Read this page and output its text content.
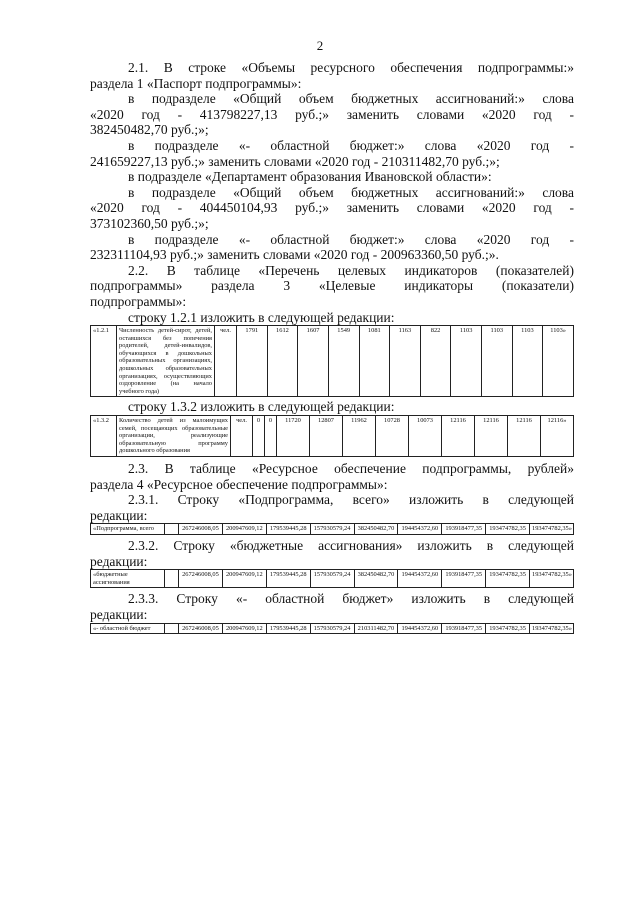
2

2.1. В строке «Объемы ресурсного обеспечения подпрограммы:»

раздела 1 «Паспорт подпрограммы»:

в подразделе «Общий объем бюджетных ассигнований:» слова

«2020 год - 413798227,13 руб.;» заменить словами «2020 год -

382450482,70 руб.;»;

в подразделе «- областной бюджет:» слова «2020 год -

241659227,13 руб.;» заменить словами «2020 год - 210311482,70 руб.;»;

в подразделе «Департамент образования Ивановской области»:

в подразделе «Общий объем бюджетных ассигнований:» слова

«2020 год - 404450104,93 руб.;» заменить словами «2020 год -

373102360,50 руб.;»;

в подразделе «- областной бюджет:» слова «2020 год -

232311104,93 руб.;» заменить словами «2020 год - 200963360,50 руб.;».

2.2. В таблице «Перечень целевых индикаторов (показателей)

подпрограммы» раздела 3 «Целевые индикаторы (показатели)

подпрограммы»:

строку 1.2.1 изложить в следующей редакции:

«1.2.1	Численность детей-сирот, детей, оставшихся без попечения родителей, детей-инвалидов, обучающихся в дошкольных образовательных организациях, дошкольных образовательных организациях, осуществляющих оздоровление (на начало учебного года)	чел.	1791	1612	1607	1549	1081	1163	822	1103	1103	1103	1103»

строку 1.3.2 изложить в следующей редакции:

«1.3.2	Количество детей из малоимущих семей, посещающих образовательные организации, реализующие образовательную программу дошкольного образования	чел.	0	0	11720	12807	11962	10728	10073	12116	12116	12116	12116»

2.3. В таблице «Ресурсное обеспечение подпрограммы, рублей»

раздела 4 «Ресурсное обеспечение подпрограммы»:

2.3.1. Строку «Подпрограмма, всего» изложить в следующей

редакции:

«Подпрограмма, всего		267246008,05	200947609,12	179539445,28	157930579,24	382450482,70	194454372,60	193918477,35	193474782,35	193474782,35»

2.3.2. Строку «бюджетные ассигнования» изложить в следующей

редакции:

«бюджетные ассигнования		267246008,05	200947609,12	179539445,28	157930579,24	382450482,70	194454372,60	193918477,35	193474782,35	193474782,35»

2.3.3. Строку «- областной бюджет» изложить в следующей

редакции:

«- областной бюджет		267246008,05	200947609,12	179539445,28	157930579,24	210311482,70	194454372,60	193918477,35	193474782,35	193474782,35»
